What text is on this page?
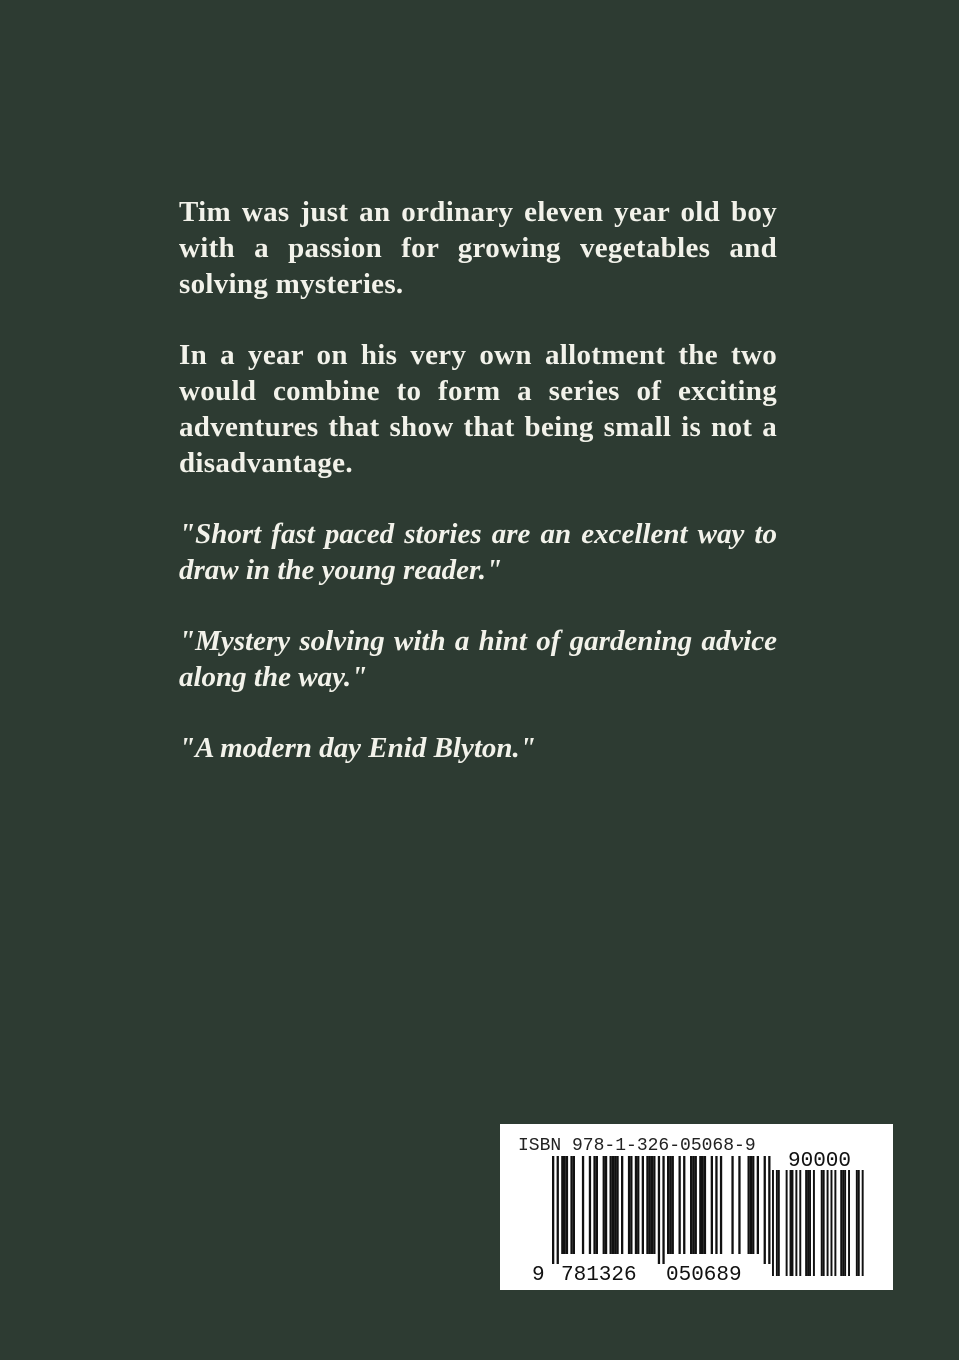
Tim was just an ordinary eleven year old boy with a passion for growing vegetables and solving mysteries.

In a year on his very own allotment the two would combine to form a series of exciting adventures that show that being small is not a disadvantage.

"Short fast paced stories are an excellent way to draw in the young reader."

"Mystery solving with a hint of gardening advice along the way."

"A modern day Enid Blyton."

ISBN 978-1-326-05068-9
90000
9 781326 050689
